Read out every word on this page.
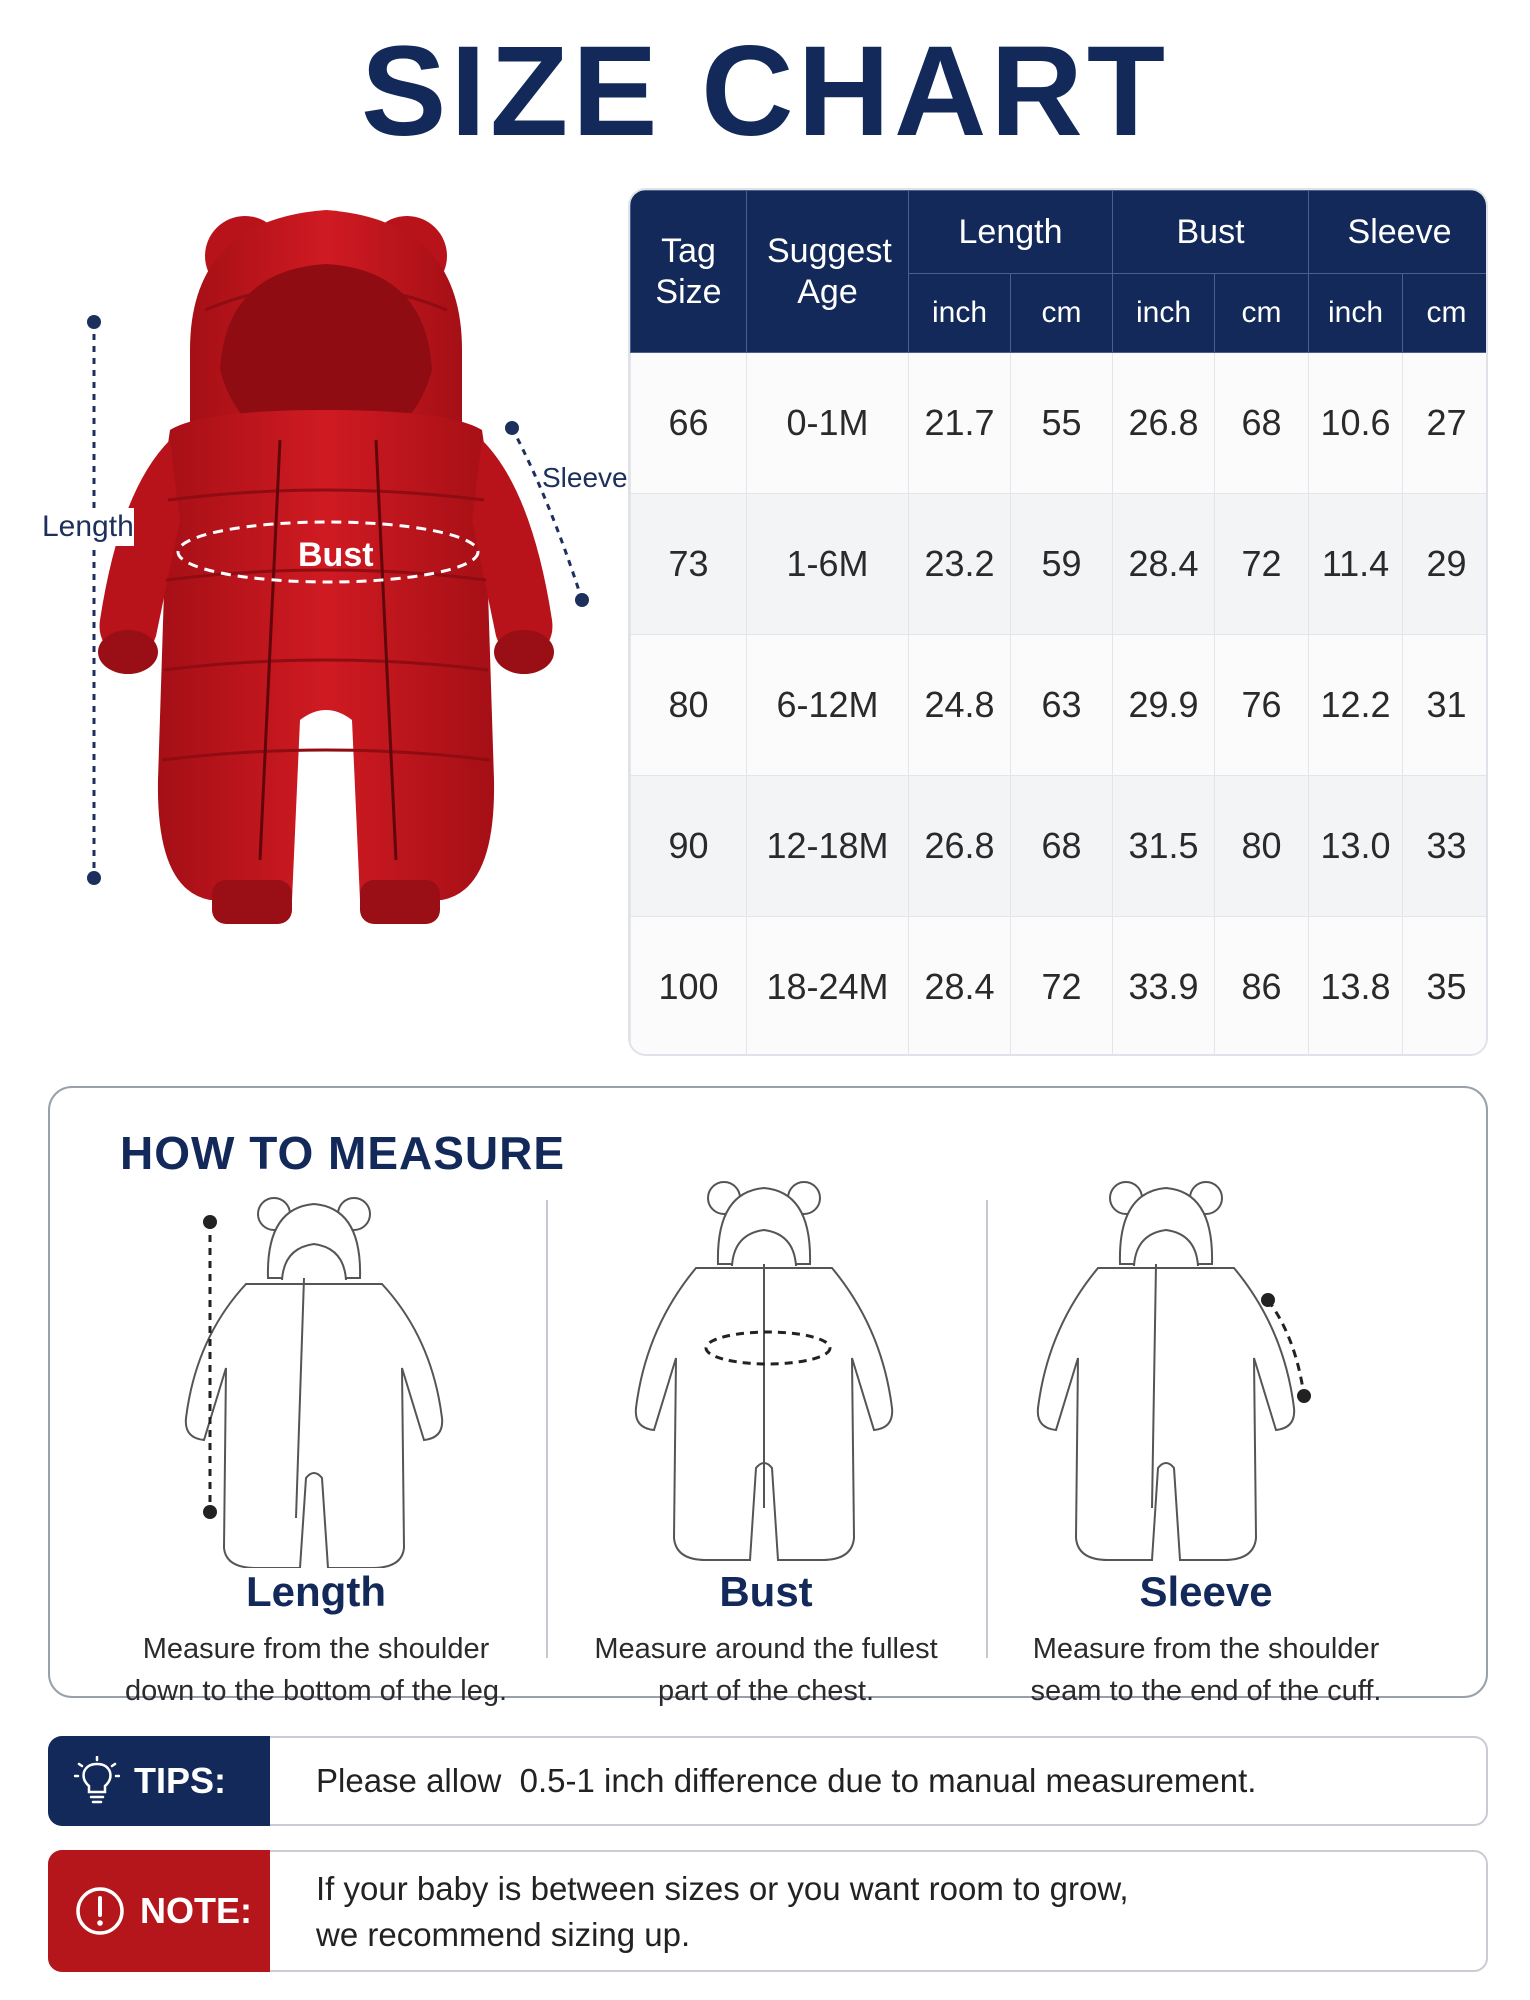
SIZE CHART
Length
Bust
Sleeve
Tag Size	Suggest Age	Length		Bust		Sleeve	
		inch	cm	inch	cm	inch	cm
66	0-1M	21.7	55	26.8	68	10.6	27
73	1-6M	23.2	59	28.4	72	11.4	29
80	6-12M	24.8	63	29.9	76	12.2	31
90	12-18M	26.8	68	31.5	80	13.0	33
100	18-24M	28.4	72	33.9	86	13.8	35
HOW TO MEASURE
Length
Measure from the shoulder down to the bottom of the leg.
Bust
Measure around the fullest part of the chest.
Sleeve
Measure from the shoulder seam to the end of the cuff.
TIPS:	Please allow  0.5-1 inch difference due to manual measurement.
NOTE:
If your baby is between sizes or you want room to grow,
we recommend sizing up.
